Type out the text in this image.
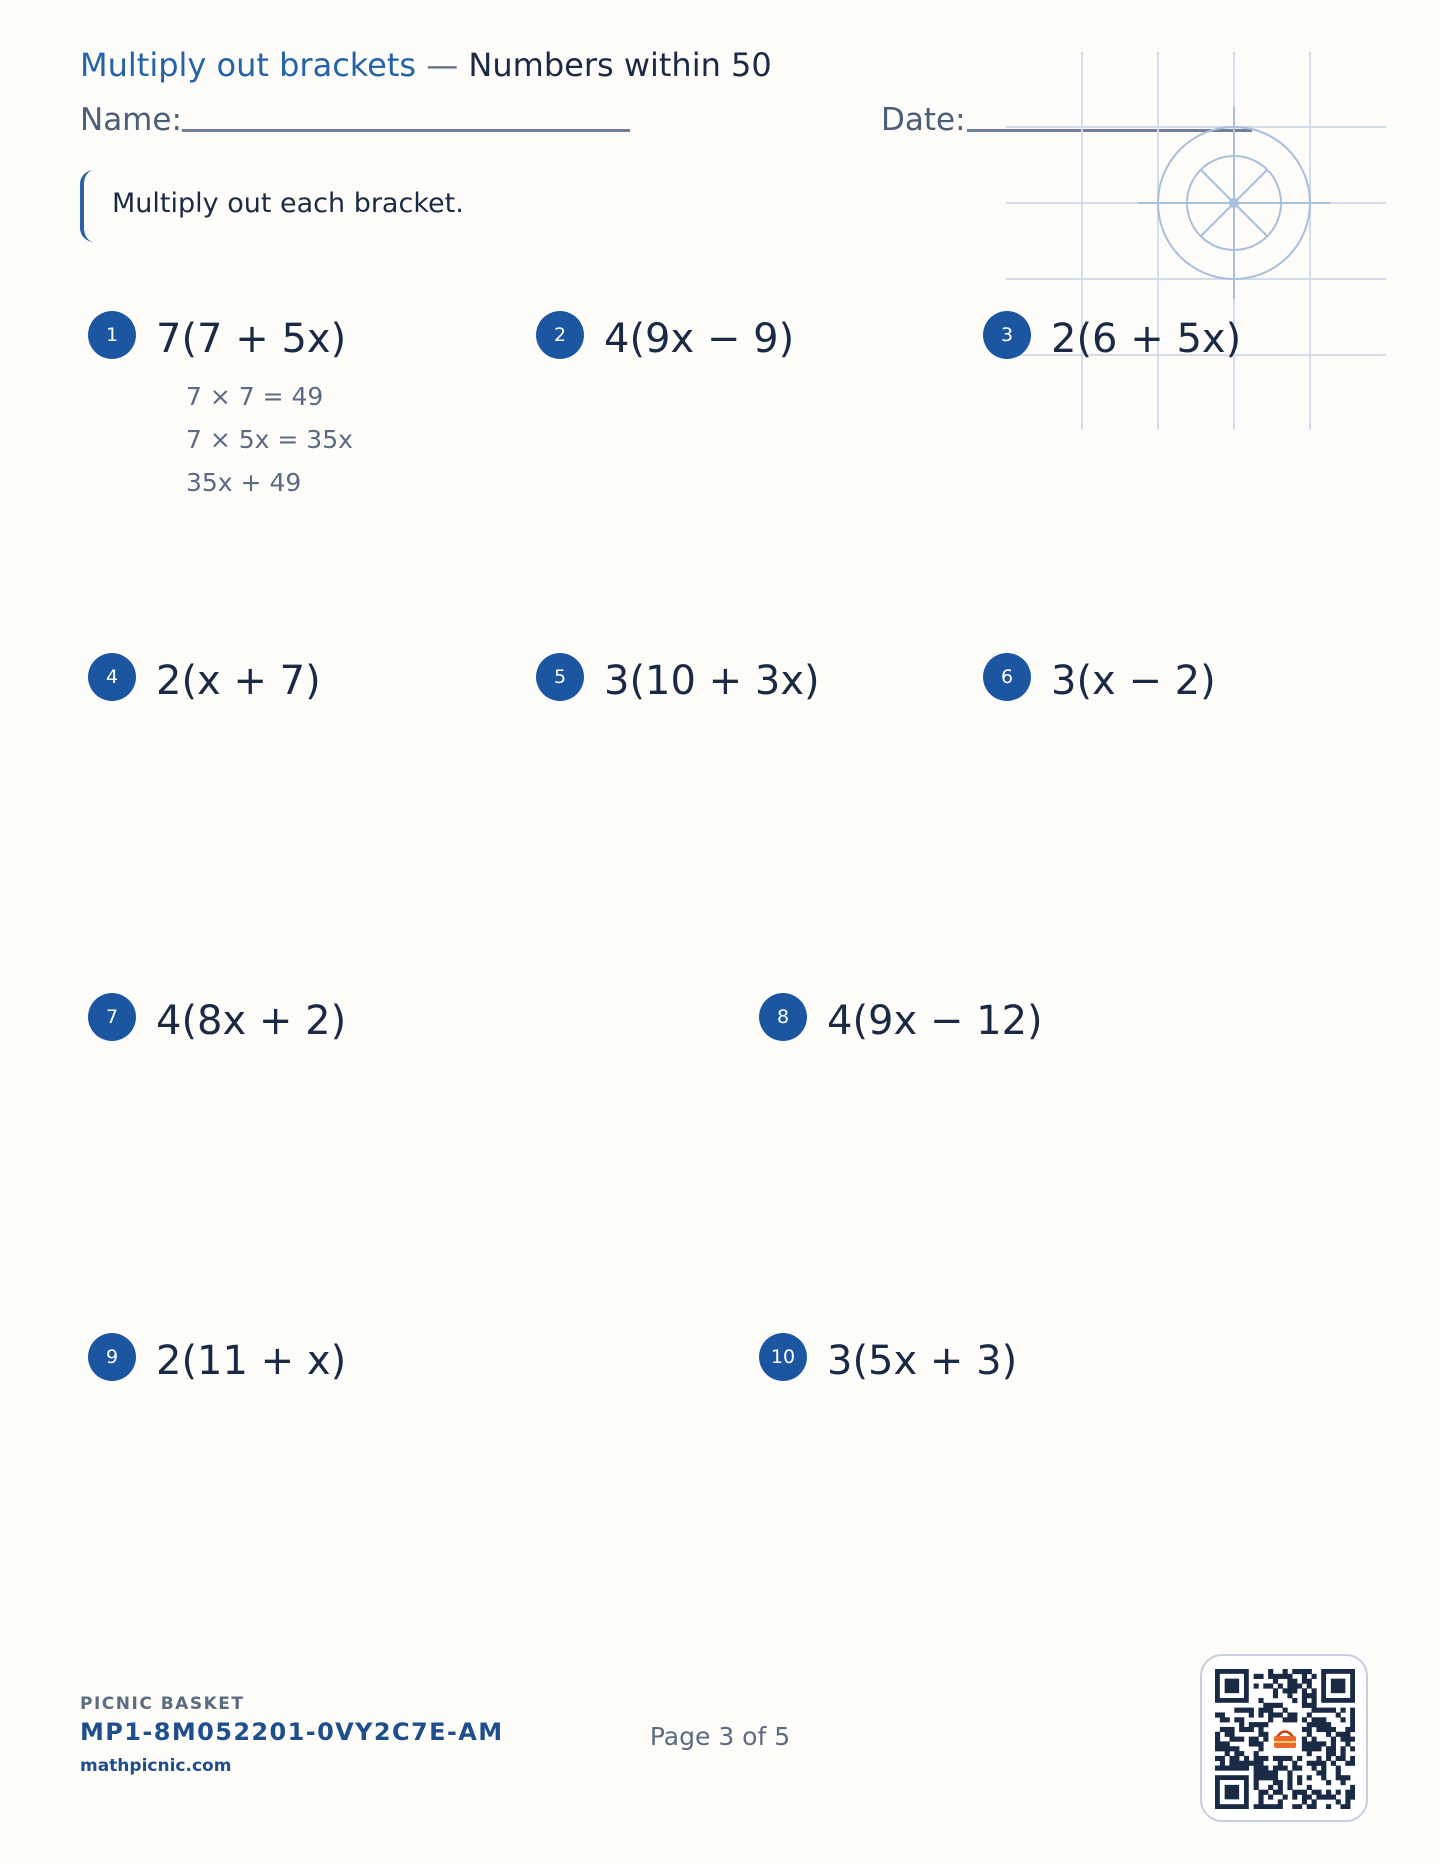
Multiply out brackets — Numbers within 50
Name:	Date:
Multiply out each bracket.
1 7(7 + 5x)	2 4(9x − 9)	3 2(6 + 5x)
7 × 7 = 49
7 × 5x = 35x
35x + 49
4 2(x + 7)	5 3(10 + 3x)	6 3(x − 2)
7 4(8x + 2)	8 4(9x − 12)
9 2(11 + x)	10 3(5x + 3)
PICNIC BASKET
MP1-8M052201-0VY2C7E-AM
mathpicnic.com
Page 3 of 5
